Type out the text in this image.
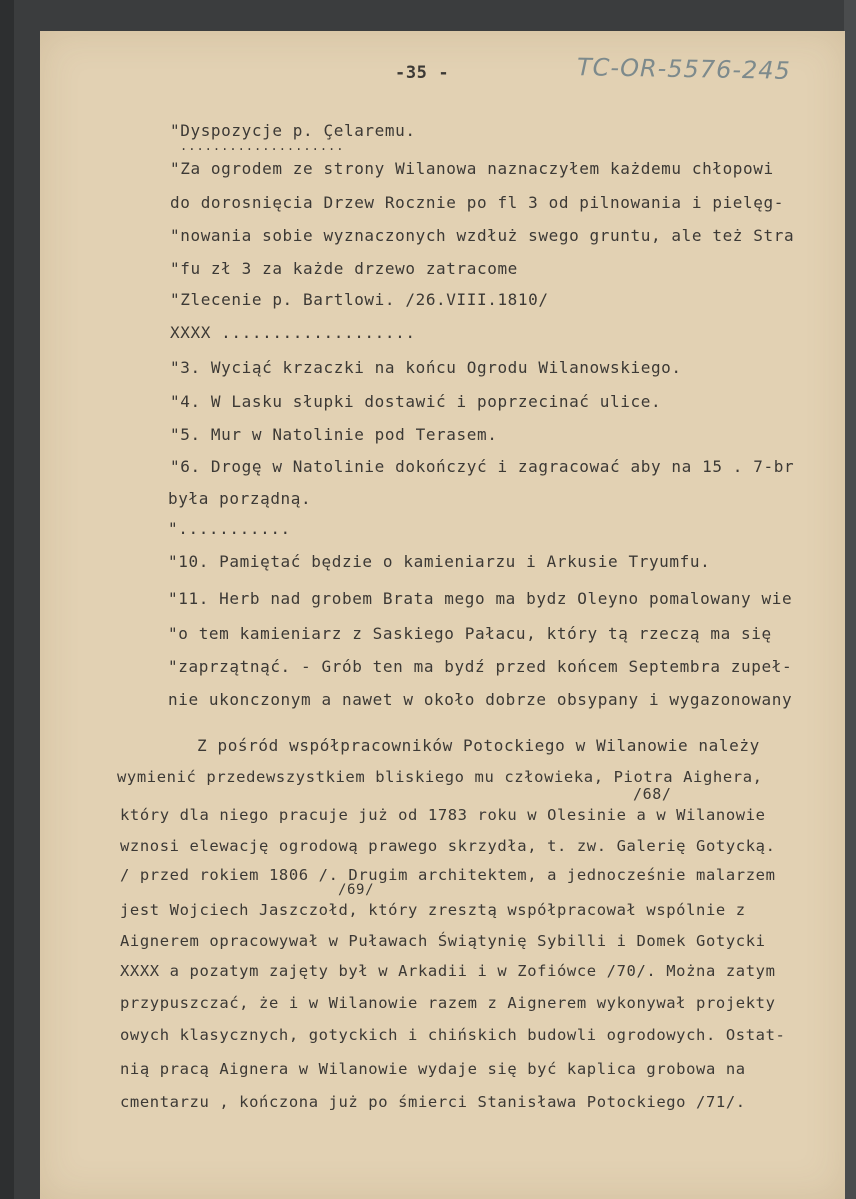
-35 -	TC-OR-5576-245
"Dyspozycje p. Çelaremu.
....................
"Za ogrodem ze strony Wilanowa naznaczyłem każdemu chłopowi
do dorosnięcia Drzew Rocznie po fl 3 od pilnowania i pielęg-
"nowania sobie wyznaczonych wzdłuż swego gruntu, ale też Stra
"fu zł 3 za każde drzewo zatracome
"Zlecenie p. Bartlowi. /26.VIII.1810/
XXXX ...................
"3. Wyciąć krzaczki na końcu Ogrodu Wilanowskiego.
"4. W Lasku słupki dostawić i poprzecinać ulice.
"5. Mur w Natolinie pod Terasem.
"6. Drogę w Natolinie dokończyć i zagracować aby na 15 . 7-br
była porządną.
"...........
"10. Pamiętać będzie o kamieniarzu i Arkusie Tryumfu.
"11. Herb nad grobem Brata mego ma bydz Oleyno pomalowany wie
"o tem kamieniarz z Saskiego Pałacu, który tą rzeczą ma się
"zaprzątnąć. - Grób ten ma bydź przed końcem Septembra zupeł-
nie ukonczonym a nawet w około dobrze obsypany i wygazonowany
Z pośród współpracowników Potockiego w Wilanowie należy
wymienić przedewszystkiem bliskiego mu człowieka, Piotra Aighera,
/68/
który dla niego pracuje już od 1783 roku w Olesinie a w Wilanowie
wznosi elewację ogrodową prawego skrzydła, t. zw. Galerię Gotycką.
/ przed rokiem 1806 /. Drugim architektem, a jednocześnie malarzem
/69/
jest Wojciech Jaszczołd, który zresztą współpracował wspólnie z
Aignerem opracowywał w Puławach Świątynię Sybilli i Domek Gotycki
XXXX a pozatym zajęty był w Arkadii i w Zofiówce /70/. Można zatym
przypuszczać, że i w Wilanowie razem z Aignerem wykonywał projekty
owych klasycznych, gotyckich i chińskich budowli ogrodowych. Ostat-
nią pracą Aignera w Wilanowie wydaje się być kaplica grobowa na
cmentarzu , kończona już po śmierci Stanisława Potockiego /71/.
